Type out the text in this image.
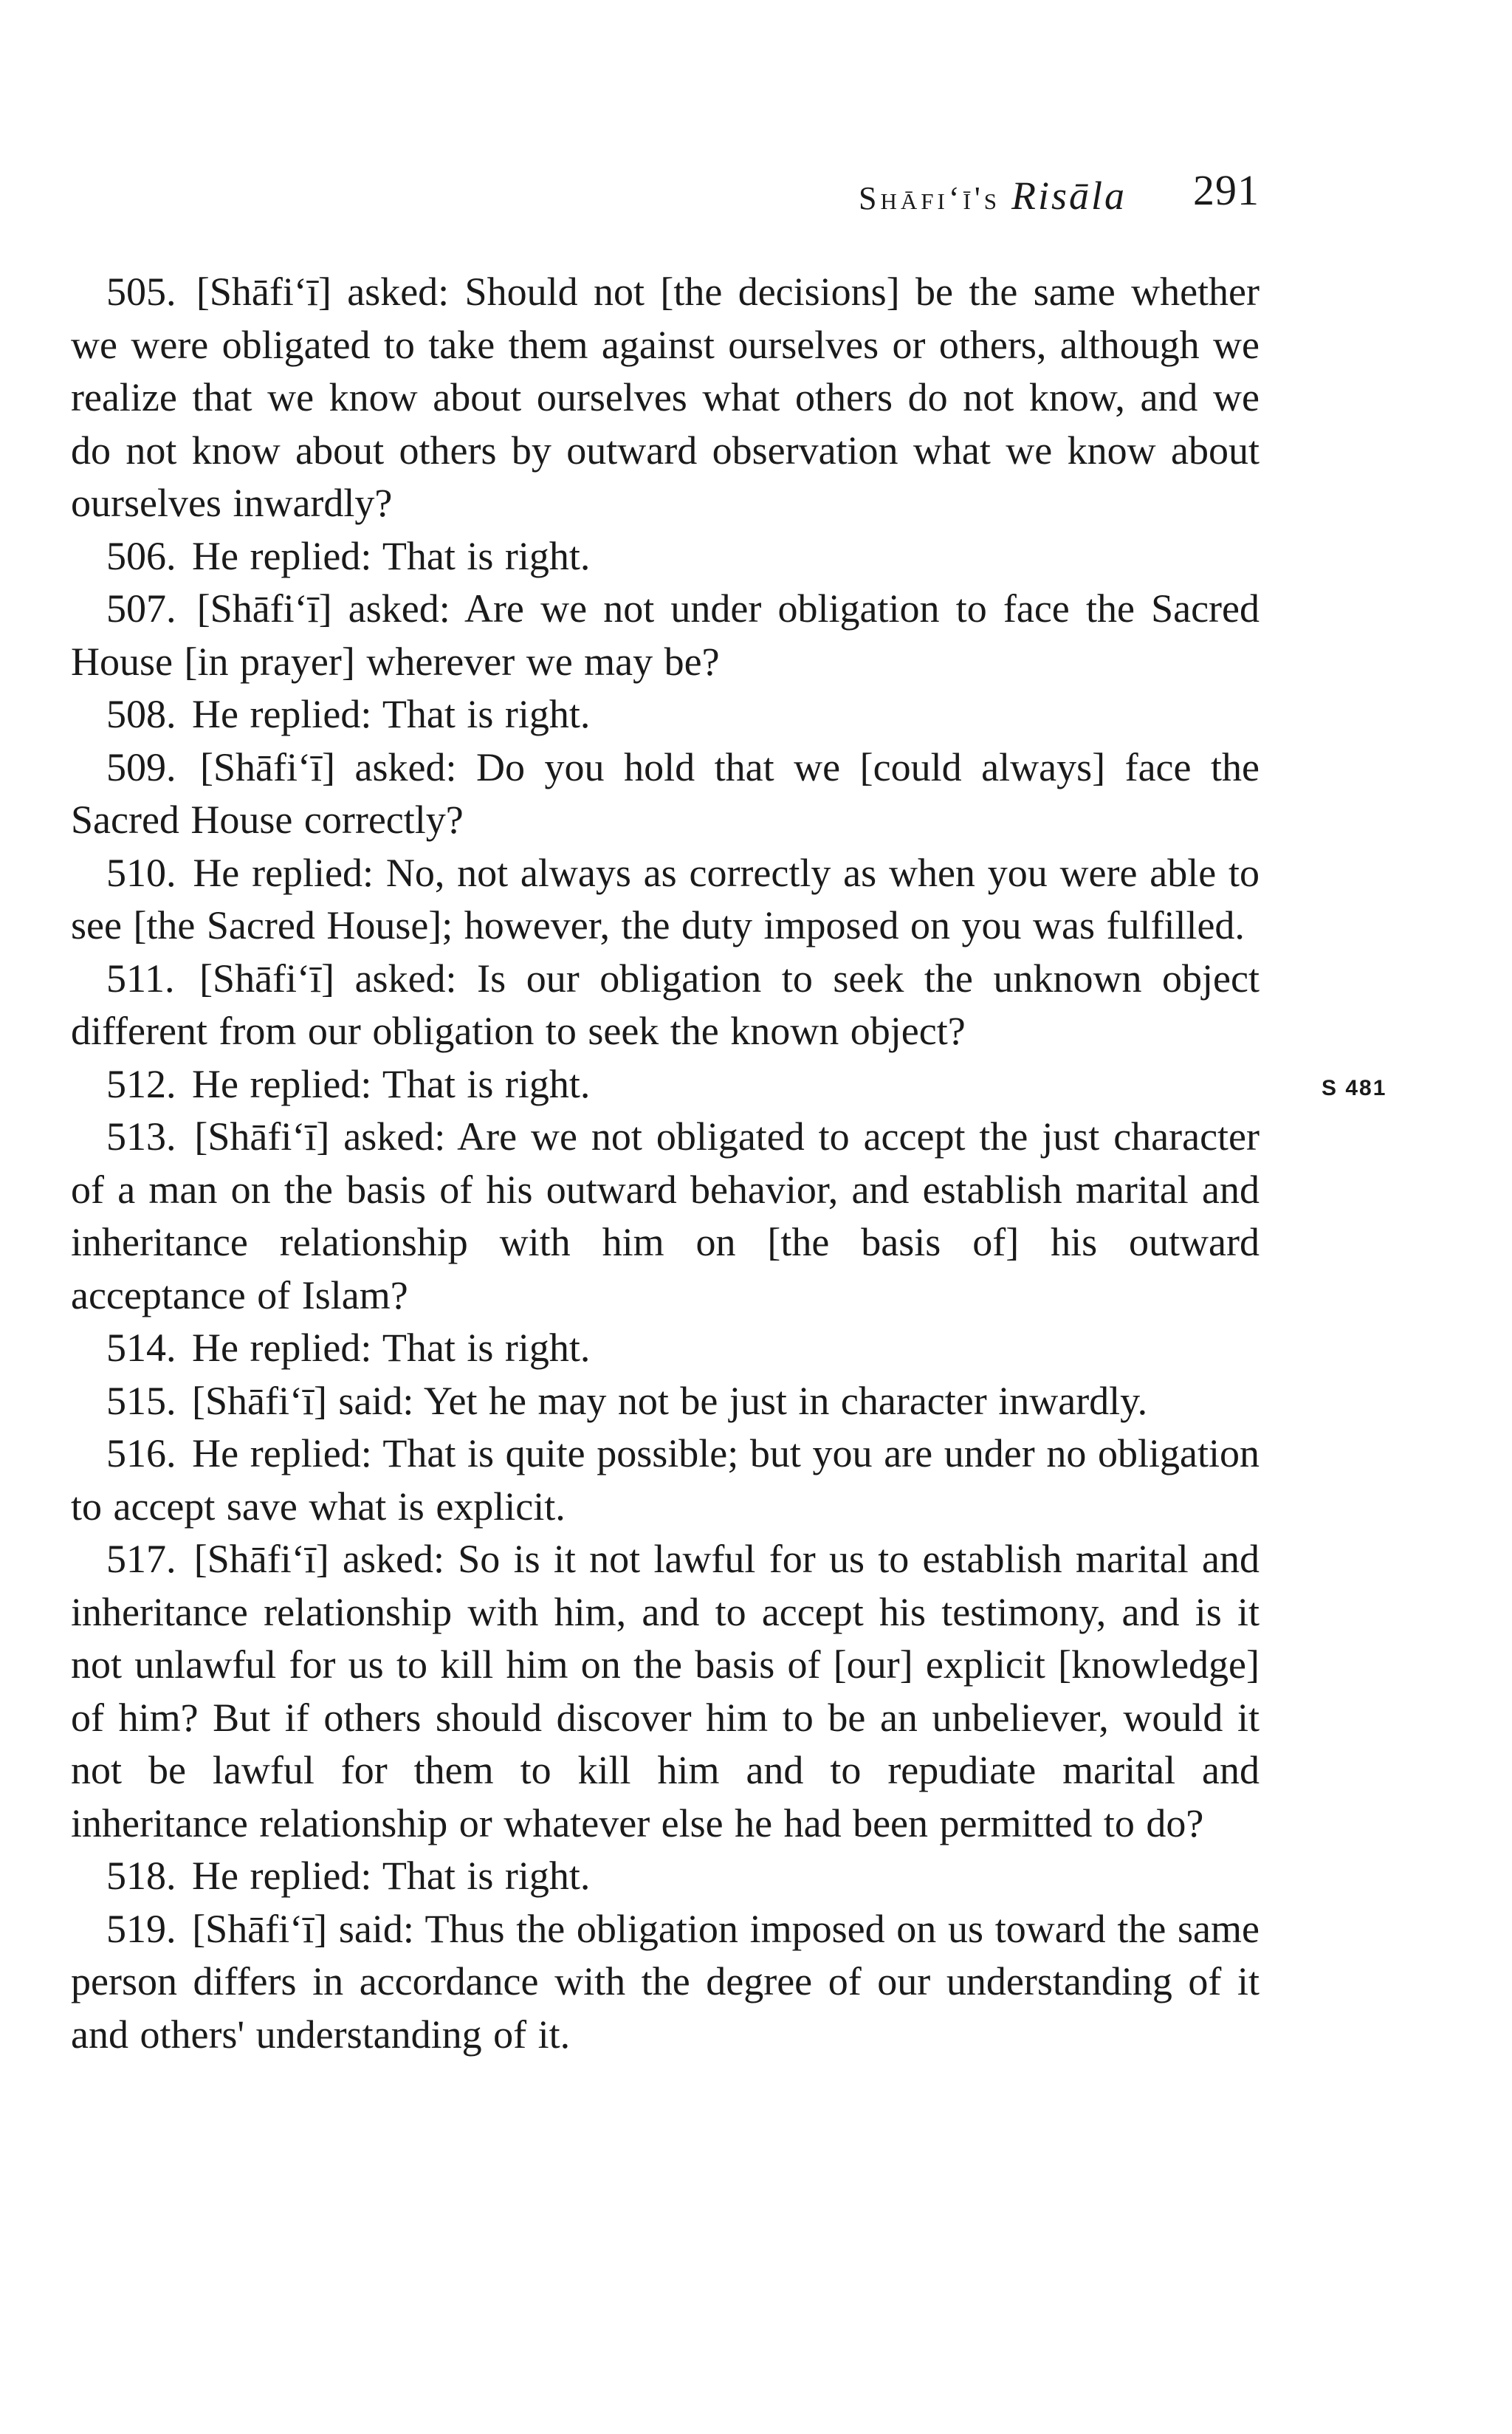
Shāfi‘ī's Risāla 291

505. [Shāfi‘ī] asked: Should not [the decisions] be the same whether we were obligated to take them against ourselves or others, although we realize that we know about ourselves what others do not know, and we do not know about others by outward observation what we know about ourselves inwardly?

506. He replied: That is right.

507. [Shāfi‘ī] asked: Are we not under obligation to face the Sacred House [in prayer] wherever we may be?

508. He replied: That is right.

509. [Shāfi‘ī] asked: Do you hold that we [could always] face the Sacred House correctly?

510. He replied: No, not always as correctly as when you were able to see [the Sacred House]; however, the duty imposed on you was fulfilled.

511. [Shāfi‘ī] asked: Is our obligation to seek the unknown object different from our obligation to seek the known object?

512. He replied: That is right.

513. [Shāfi‘ī] asked: Are we not obligated to accept the just character of a man on the basis of his outward behavior, and establish marital and inheritance relationship with him on [the basis of] his outward acceptance of Islam?

514. He replied: That is right.

515. [Shāfi‘ī] said: Yet he may not be just in character inwardly.

516. He replied: That is quite possible; but you are under no obligation to accept save what is explicit.

517. [Shāfi‘ī] asked: So is it not lawful for us to establish marital and inheritance relationship with him, and to accept his testimony, and is it not unlawful for us to kill him on the basis of [our] explicit [knowledge] of him? But if others should discover him to be an unbeliever, would it not be lawful for them to kill him and to repudiate marital and inheritance relationship or whatever else he had been permitted to do?

518. He replied: That is right.

519. [Shāfi‘ī] said: Thus the obligation imposed on us toward the same person differs in accordance with the degree of our understanding of it and others' understanding of it.

S 481
